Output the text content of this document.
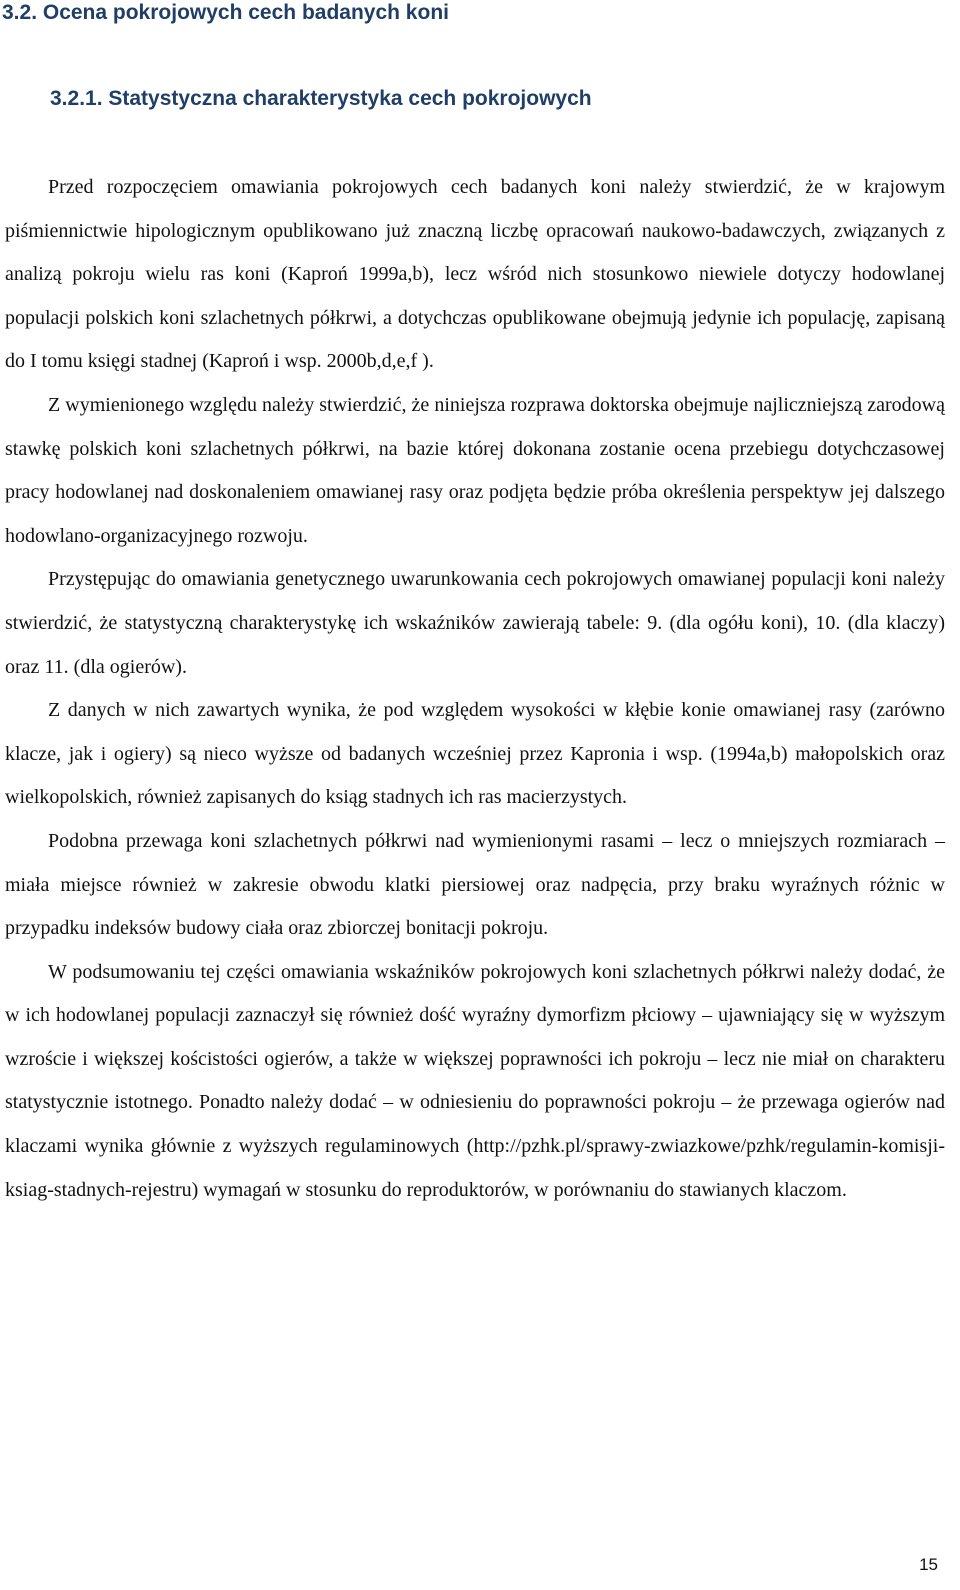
3.2. Ocena pokrojowych cech badanych koni
3.2.1. Statystyczna charakterystyka cech pokrojowych

Przed rozpoczęciem omawiania pokrojowych cech badanych koni należy stwierdzić, że w krajowym piśmiennictwie hipologicznym opublikowano już znaczną liczbę opracowań naukowo-badawczych, związanych z analizą pokroju wielu ras koni (Kaproń 1999a,b), lecz wśród nich stosunkowo niewiele dotyczy hodowlanej populacji polskich koni szlachetnych półkrwi, a dotychczas opublikowane obejmują jedynie ich populację, zapisaną do I tomu księgi stadnej (Kaproń i wsp. 2000b,d,e,f ).

Z wymienionego względu należy stwierdzić, że niniejsza rozprawa doktorska obejmuje najliczniejszą zarodową stawkę polskich koni szlachetnych półkrwi, na bazie której dokonana zostanie ocena przebiegu dotychczasowej pracy hodowlanej nad doskonaleniem omawianej rasy oraz podjęta będzie próba określenia perspektyw jej dalszego hodowlano-organizacyjnego rozwoju.

Przystępując do omawiania genetycznego uwarunkowania cech pokrojowych omawianej populacji koni należy stwierdzić, że statystyczną charakterystykę ich wskaźników zawierają tabele: 9. (dla ogółu koni), 10. (dla klaczy) oraz 11. (dla ogierów).

Z danych w nich zawartych wynika, że pod względem wysokości w kłębie konie omawianej rasy (zarówno klacze, jak i ogiery) są nieco wyższe od badanych wcześniej przez Kapronia i wsp. (1994a,b) małopolskich oraz wielkopolskich, również zapisanych do ksiąg stadnych ich ras macierzystych.

Podobna przewaga koni szlachetnych półkrwi nad wymienionymi rasami – lecz o mniejszych rozmiarach – miała miejsce również w zakresie obwodu klatki piersiowej oraz nadpęcia, przy braku wyraźnych różnic w przypadku indeksów budowy ciała oraz zbiorczej bonitacji pokroju.

W podsumowaniu tej części omawiania wskaźników pokrojowych koni szlachetnych półkrwi należy dodać, że w ich hodowlanej populacji zaznaczył się również dość wyraźny dymorfizm płciowy – ujawniający się w wyższym wzroście i większej kościstości ogierów, a także w większej poprawności ich pokroju – lecz nie miał on charakteru statystycznie istotnego. Ponadto należy dodać – w odniesieniu do poprawności pokroju – że przewaga ogierów nad klaczami wynika głównie z wyższych regulaminowych (http://pzhk.pl/sprawy-zwiazkowe/pzhk/regulamin-komisji-ksiag-stadnych-rejestru) wymagań w stosunku do reproduktorów, w porównaniu do stawianych klaczom.

15
